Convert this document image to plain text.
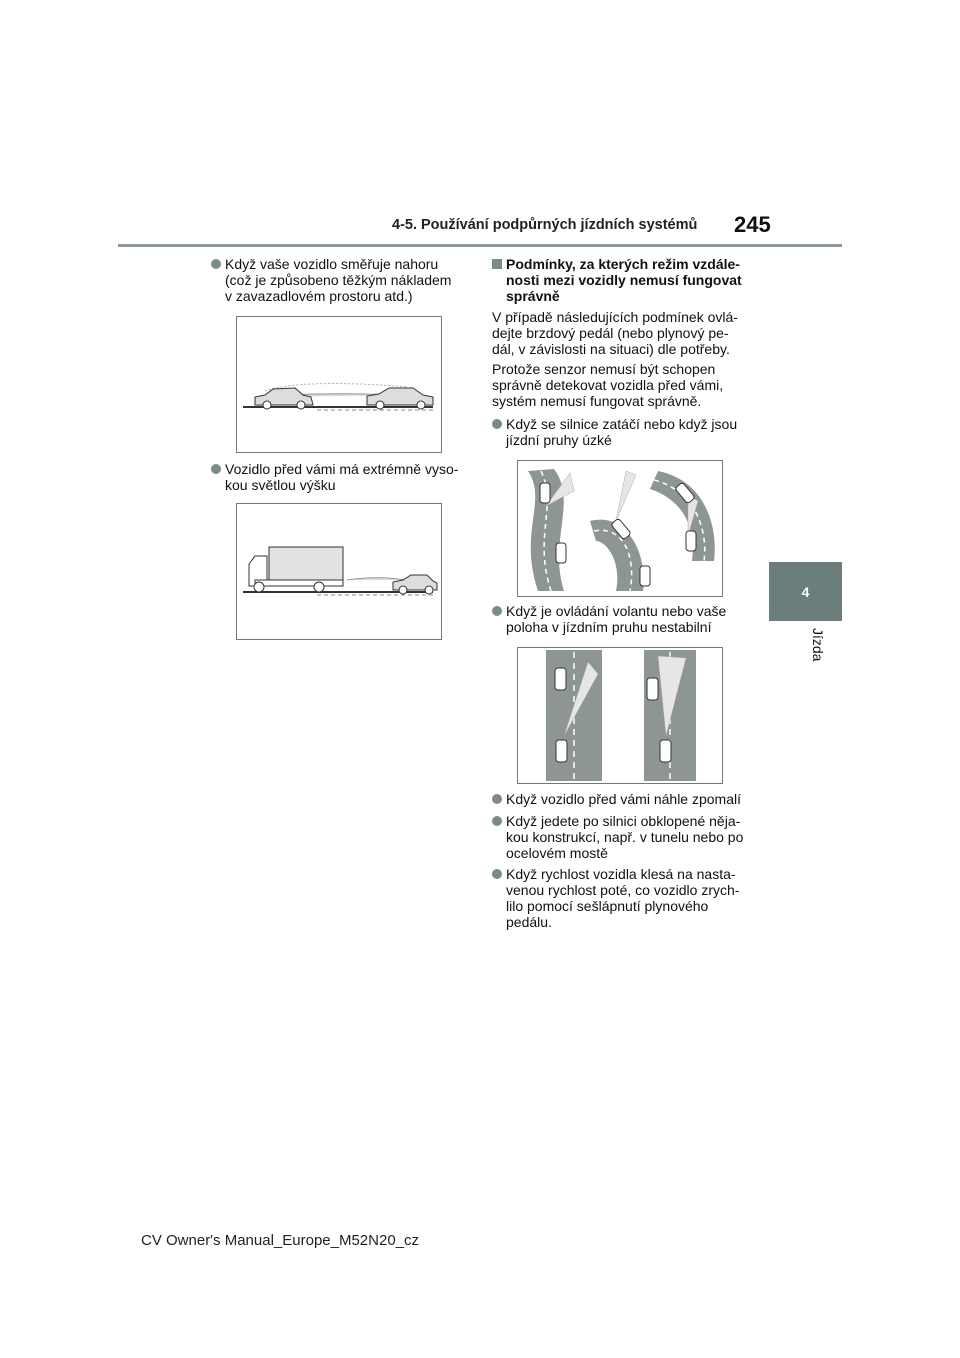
4-5. Používání podpůrných jízdních systémů 245
4
Jízda
Když vaše vozidlo směřuje nahoru
(což je způsobeno těžkým nákladem
v zavazadlovém prostoru atd.)
Vozidlo před vámi má extrémně vyso-
kou světlou výšku
Podmínky, za kterých režim vzdále-
nosti mezi vozidly nemusí fungovat
správně
V případě následujících podmínek ovlá-
dejte brzdový pedál (nebo plynový pe-
dál, v závislosti na situaci) dle potřeby.
Protože senzor nemusí být schopen
správně detekovat vozidla před vámi,
systém nemusí fungovat správně.
Když se silnice zatáčí nebo když jsou
jízdní pruhy úzké
Když je ovládání volantu nebo vaše
poloha v jízdním pruhu nestabilní
Když vozidlo před vámi náhle zpomalí
Když jedete po silnici obklopené něja-
kou konstrukcí, např. v tunelu nebo po
ocelovém mostě
Když rychlost vozidla klesá na nasta-
venou rychlost poté, co vozidlo zrych-
lilo pomocí sešlápnutí plynového
pedálu.
CV Owner's Manual_Europe_M52N20_cz
